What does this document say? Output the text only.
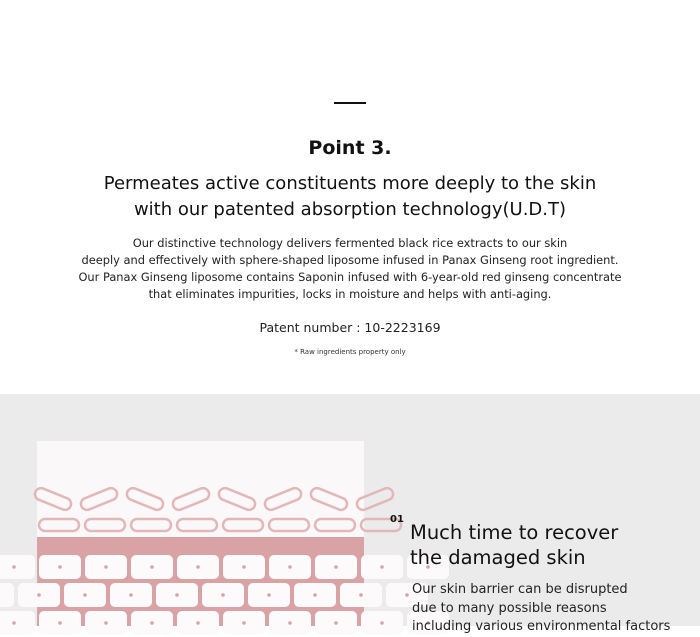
Point 3.
Permeates active constituents more deeply to the skin
with our patented absorption technology(U.D.T)
Our distinctive technology delivers fermented black rice extracts to our skin
deeply and effectively with sphere-shaped liposome infused in Panax Ginseng root ingredient.
Our Panax Ginseng liposome contains Saponin infused with 6-year-old red ginseng concentrate
that eliminates impurities, locks in moisture and helps with anti-aging.
Patent number : 10-2223169
* Raw ingredients property only
01
Much time to recover
the damaged skin
Our skin barrier can be disrupted
due to many possible reasons
including various environmental factors
